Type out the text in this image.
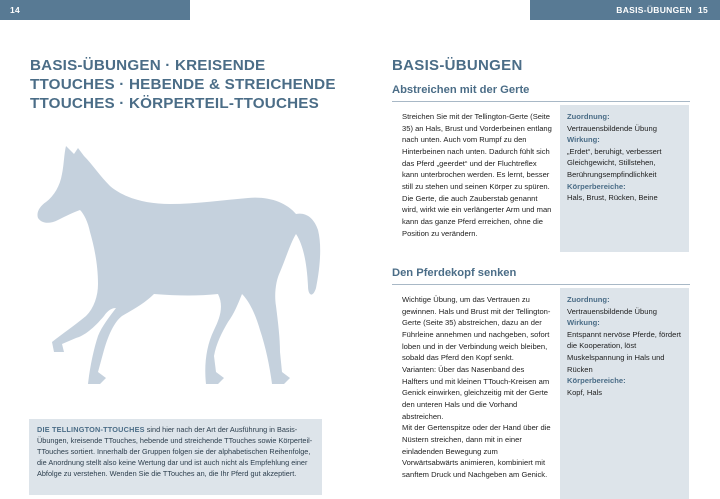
14	BASIS-ÜBUNGEN 15
BASIS-ÜBUNGEN · KREISENDE
TTOUCHES · HEBENDE & STREICHENDE
TTOUCHES · KÖRPERTEIL-TTOUCHES
DIE TELLINGTON-TTOUCHES sind hier nach der Art der Ausführung in Basis-Übungen, kreisende TTouches, hebende und streichende TTouches sowie Körperteil-TTouches sortiert. Innerhalb der Gruppen folgen sie der alphabetischen Reihenfolge, die Anordnung stellt also keine Wertung dar und ist auch nicht als Empfehlung einer Abfolge zu verstehen. Wenden Sie die TTouches an, die Ihr Pferd gut akzeptiert.
BASIS-ÜBUNGEN
Abstreichen mit der Gerte

Streichen Sie mit der Tellington-Gerte (Seite 35) an Hals, Brust und Vorderbeinen entlang nach unten. Auch vom Rumpf zu den Hinterbeinen nach unten. Dadurch fühlt sich das Pferd „geerdet“ und der Fluchtreflex kann unterbrochen werden. Es lernt, besser still zu stehen und seinen Körper zu spüren.

Die Gerte, die auch Zauberstab genannt wird, wirkt wie ein verlängerter Arm und man kann das ganze Pferd erreichen, ohne die Position zu verändern.

Zuordnung:
Vertrauensbildende Übung
Wirkung:
„Erdet“, beruhigt, verbessert Gleichgewicht, Stillstehen, Berührungsempfindlichkeit
Körperbereiche:
Hals, Brust, Rücken, Beine
Den Pferdekopf senken

Wichtige Übung, um das Vertrauen zu gewinnen. Hals und Brust mit der Tellington-Gerte (Seite 35) abstreichen, dazu an der Führleine annehmen und nachgeben, sofort loben und in der Verbindung weich bleiben, sobald das Pferd den Kopf senkt.

Varianten: Über das Nasenband des Halfters und mit kleinen TTouch-Kreisen am Genick einwirken, gleichzeitig mit der Gerte den unteren Hals und die Vorhand abstreichen.

Mit der Gertenspitze oder der Hand über die Nüstern streichen, dann mit in einer einladenden Bewegung zum Vorwärtsabwärts animieren, kombiniert mit sanftem Druck und Nachgeben am Genick.

Zuordnung:
Vertrauensbildende Übung
Wirkung:
Entspannt nervöse Pferde, fördert die Kooperation, löst Muskelspannung in Hals und Rücken
Körperbereiche:
Kopf, Hals
